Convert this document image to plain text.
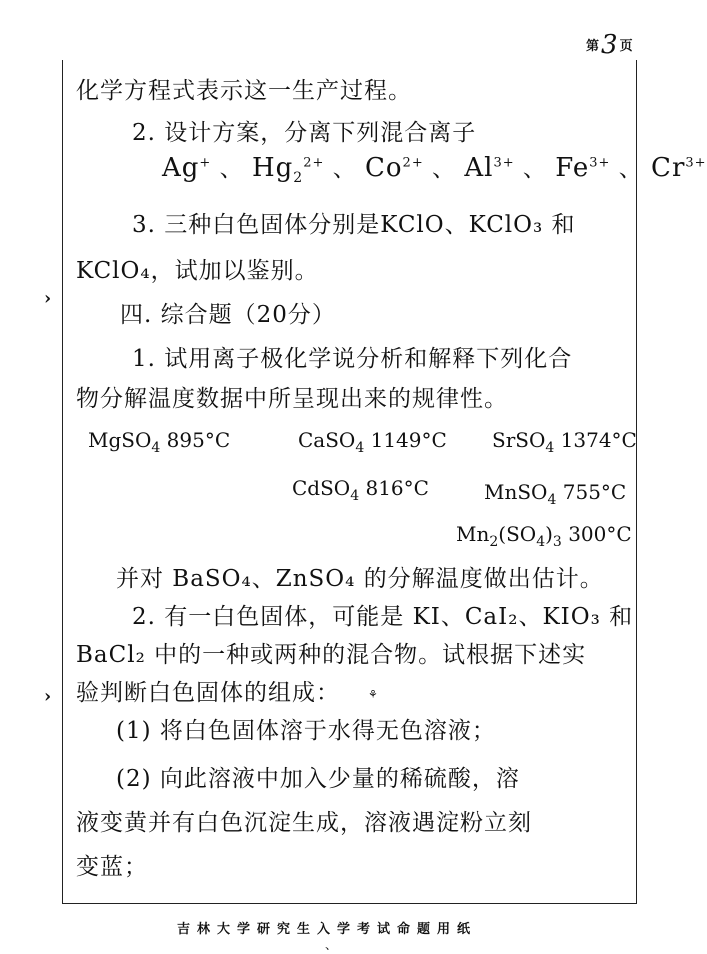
第3 页
›
›
化学方程式表示这一生产过程。
2. 设计方案，分离下列混合离子
Ag+ 、 $Hg_2^{2+}$ 、 $Co^{2+}$ 、 $Al^{3+}$ 、 $Fe^{3+}$ 、 $Cr^{3+}$
3. 三种白色固体分别是KClO、KClO₃ 和
KClO₄，试加以鉴别。
四. 综合题（20分）
1. 试用离子极化学说分析和解释下列化合
物分解温度数据中所呈现出来的规律性。
MgSO$_4$ 895°C	CaSO$_4$ 1149°C SrSO$_4$ 1374°C
CdSO$_4$ 816°C	MnSO$_4$ 755°C
$Mn_2(SO_4)_3$ 300°C
并对 BaSO₄、ZnSO₄ 的分解温度做出估计。
2. 有一白色固体，可能是 KI、CaI₂、KIO₃ 和
BaCl₂ 中的一种或两种的混合物。试根据下述实
验判断白色固体的组成：	⚘
(1) 将白色固体溶于水得无色溶液；
(2) 向此溶液中加入少量的稀硫酸，溶
液变黄并有白色沉淀生成，溶液遇淀粉立刻
变蓝；
吉林大学研究生入学考试命题用纸
、
